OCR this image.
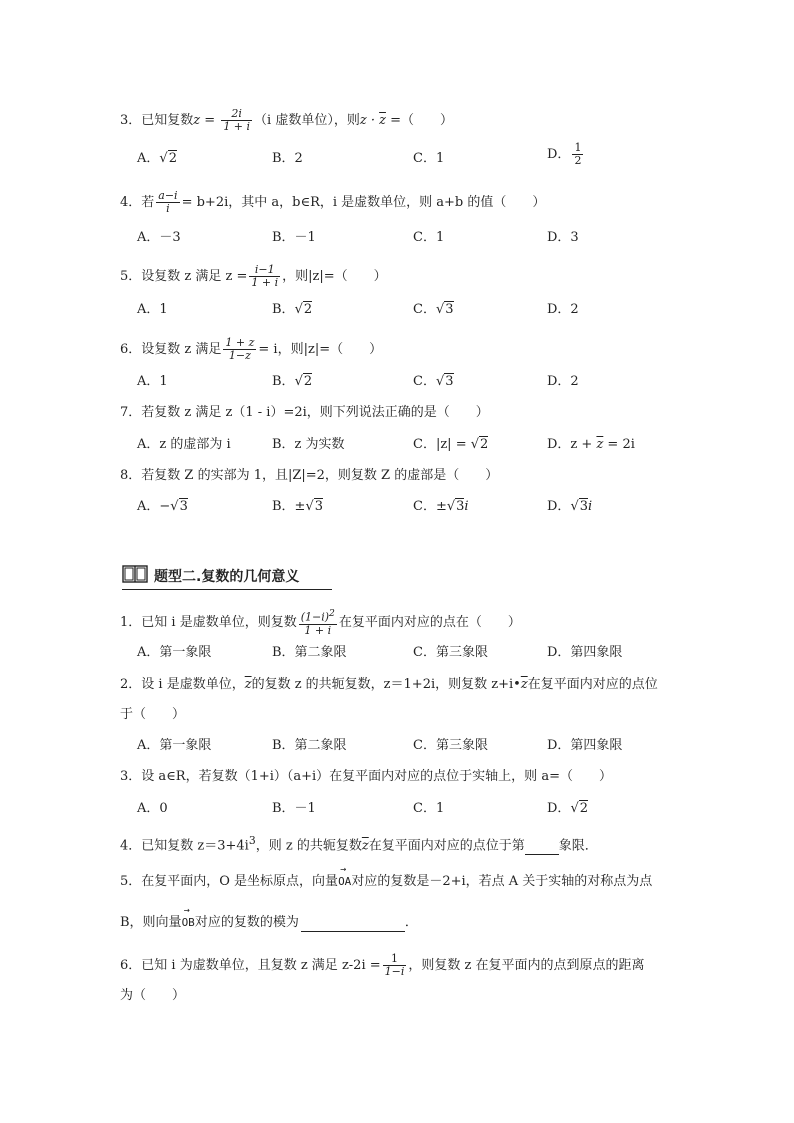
3．已知复数$z = \frac{2i}{1 + i} (i$ 虚数单位），则$z \cdot \overline{z}$ =（　　）
A．√2	B．2	C．1	D． $\frac{1}{2}$
4．若 $\frac{a-i}{i} = b+2i$，其中 a，b∈R，i 是虚数单位，则 a+b 的值（　　）
A．－3	B．－1	C．1	D．3
5．设复数 z 满足 $z = \frac{i-1}{1 + i}$ ，则|z|=（　　）
A．1	B．√2	C．√3	D．2
6．设复数 z 满足 $\frac{1 + z}{1-z} = i$，则|z|=（　　）
A．1	B．√2	C．√3	D．2
7．若复数 z 满足 z（1 - i）=2i，则下列说法正确的是（　　）
A．z 的虚部为 i	B．z 为实数	C．|z| = √2	D．$z + \overline{z} = 2i$
8．若复数 Z 的实部为 1，且|Z|=2，则复数 Z 的虚部是（　　）
A．−√3	B．±√3	C．±√3i	D．√3i
题型二.复数的几何意义
1．已知 i 是虚数单位，则复数 $\frac{(1-i)^2}{1 + i}$ 在复平面内对应的点在（　　）
A．第一象限	B．第二象限	C．第三象限	D．第四象限
2．设 i 是虚数单位，$\overline{z}$的复数 z 的共轭复数，z＝1+2i，则复数 $z+i•\overline{z}$在复平面内对应的点位
于（　　）
A．第一象限	B．第二象限	C．第三象限	D．第四象限
3．设 a∈R，若复数（1+i）（a+i）在复平面内对应的点位于实轴上，则 a=（　　）
A．0	B．－1	C．1	D．√2
4．已知复数 $z=3+4i^3$，则 z 的共轭复数$\overline{z}$在复平面内对应的点位于第	象限．
5．在复平面内，O 是坐标原点，向量→ OA对应的复数是－2+i，若点 A 关于实轴的对称点为点
B，则向量→ OB对应的复数的模为	．
6．已知 i 为虚数单位，且复数 z 满足 $z-2i = \frac{1}{1-i}$ ，则复数 z 在复平面内的点到原点的距离
为（　　）
